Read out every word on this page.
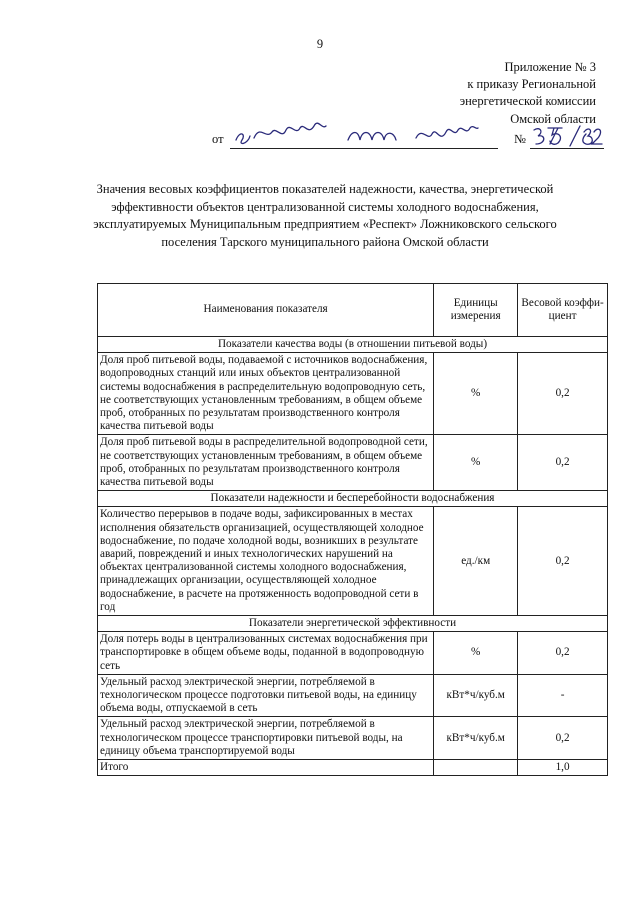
9
Приложение № 3
к приказу Региональной
энергетической комиссии
Омской области
от	№
Значения весовых коэффициентов показателей надежности, качества, энергетической эффективности объектов централизованной системы холодного водоснабжения, эксплуатируемых Муниципальным предприятием «Респект» Ложниковского сельского поселения Тарского муниципального района Омской области
Наименования показателя	Единицы измерения	Весовой коэффи-циент
Показатели качества воды (в отношении питьевой воды)		
Доля проб питьевой воды, подаваемой с источников водоснабжения, водопроводных станций или иных объектов централизованной системы водоснабжения в распределительную водопроводную сеть, не соответствующих установленным требованиям, в общем объеме проб, отобранных по результатам производственного контроля качества питьевой воды	%	0,2
Доля проб питьевой воды в распределительной водопроводной сети, не соответствующих установленным требованиям, в общем объеме проб, отобранных по результатам производственного контроля качества питьевой воды	%	0,2
Показатели надежности и бесперебойности водоснабжения		
Количество перерывов в подаче воды, зафиксированных в местах исполнения обязательств организацией, осуществляющей холодное водоснабжение, по подаче холодной воды, возникших в результате аварий, повреждений и иных технологических нарушений на объектах централизованной системы холодного водоснабжения, принадлежащих организации, осуществляющей холодное водоснабжение, в расчете на протяженность водопроводной сети в год	ед./км	0,2
Показатели энергетической эффективности		
Доля потерь воды в централизованных системах водоснабжения при транспортировке в общем объеме воды, поданной в водопроводную сеть	%	0,2
Удельный расход электрической энергии, потребляемой в технологическом процессе подготовки питьевой воды, на единицу объема воды, отпускаемой в сеть	кВт*ч/куб.м	-
Удельный расход электрической энергии, потребляемой в технологическом процессе транспортировки питьевой воды, на единицу объема транспортируемой воды	кВт*ч/куб.м	0,2
Итого		1,0
